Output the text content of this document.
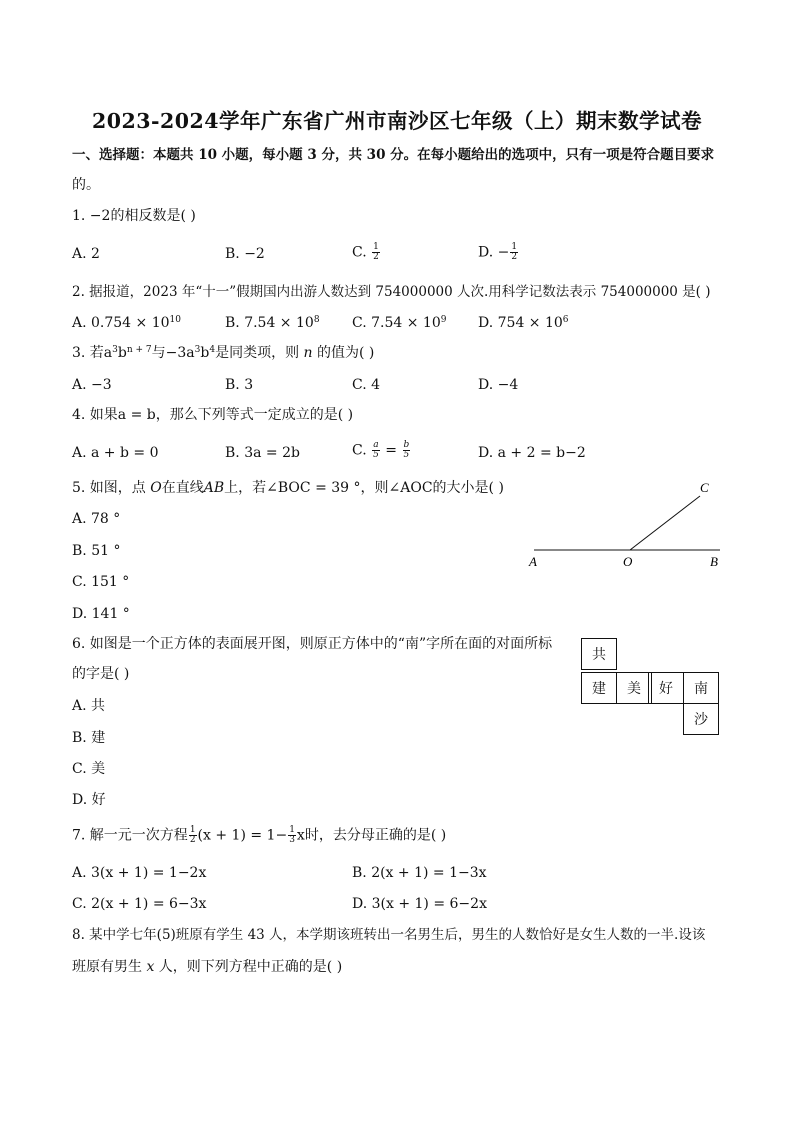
2023-2024学年广东省广州市南沙区七年级（上）期末数学试卷
一、选择题：本题共 10 小题，每小题 3 分，共 30 分。在每小题给出的选项中，只有一项是符合题目要求
的。
1. −2的相反数是( )
A. 2	B. −2	C. $\frac{1}{2}$	D. − $\frac{1}{2}$
2. 据报道，2023 年“十一”假期国内出游人数达到 754000000 人次.用科学记数法表示 754000000 是( )
A. $0.754 \times 10^{10}$	B. $7.54 \times 10^8$ C. $7.54 \times 10^9$ D. $754 \times 10^6$
3. 若$a^3b^{n + 7}$与$-3a^3b^4$是同类项，则 n 的值为( )
A. −3	B. 3	C. 4	D. −4
4. 如果a = b，那么下列等式一定成立的是( )
A. a + b = 0	B. 3a = 2b	C. $\frac{a}{5} = \frac{b}{5}$	D. a + 2 = b−2
5. 如图，点 O在直线AB上，若∠BOC = 39 °，则∠AOC的大小是( )
A. 78 °
B. 51 °
C. 151 °
D. 141 °
A	O	B
C
6. 如图是一个正方体的表面展开图，则原正方体中的“南”字所在面的对面所标
的字是( )
A. 共
B. 建
C. 美
D. 好
共
建	美	好	南
沙
7. 解一元一次方程 $\frac{1}{2} (x + 1) = 1- \frac{1}{3}$ x时，去分母正确的是( )
A. 3(x + 1) = 1−2x	B. 2(x + 1) = 1−3x
C. 2(x + 1) = 6−3x	D. 3(x + 1) = 6−2x
8. 某中学七年(5)班原有学生 43 人，本学期该班转出一名男生后，男生的人数恰好是女生人数的一半.设该
班原有男生 x 人，则下列方程中正确的是( )
